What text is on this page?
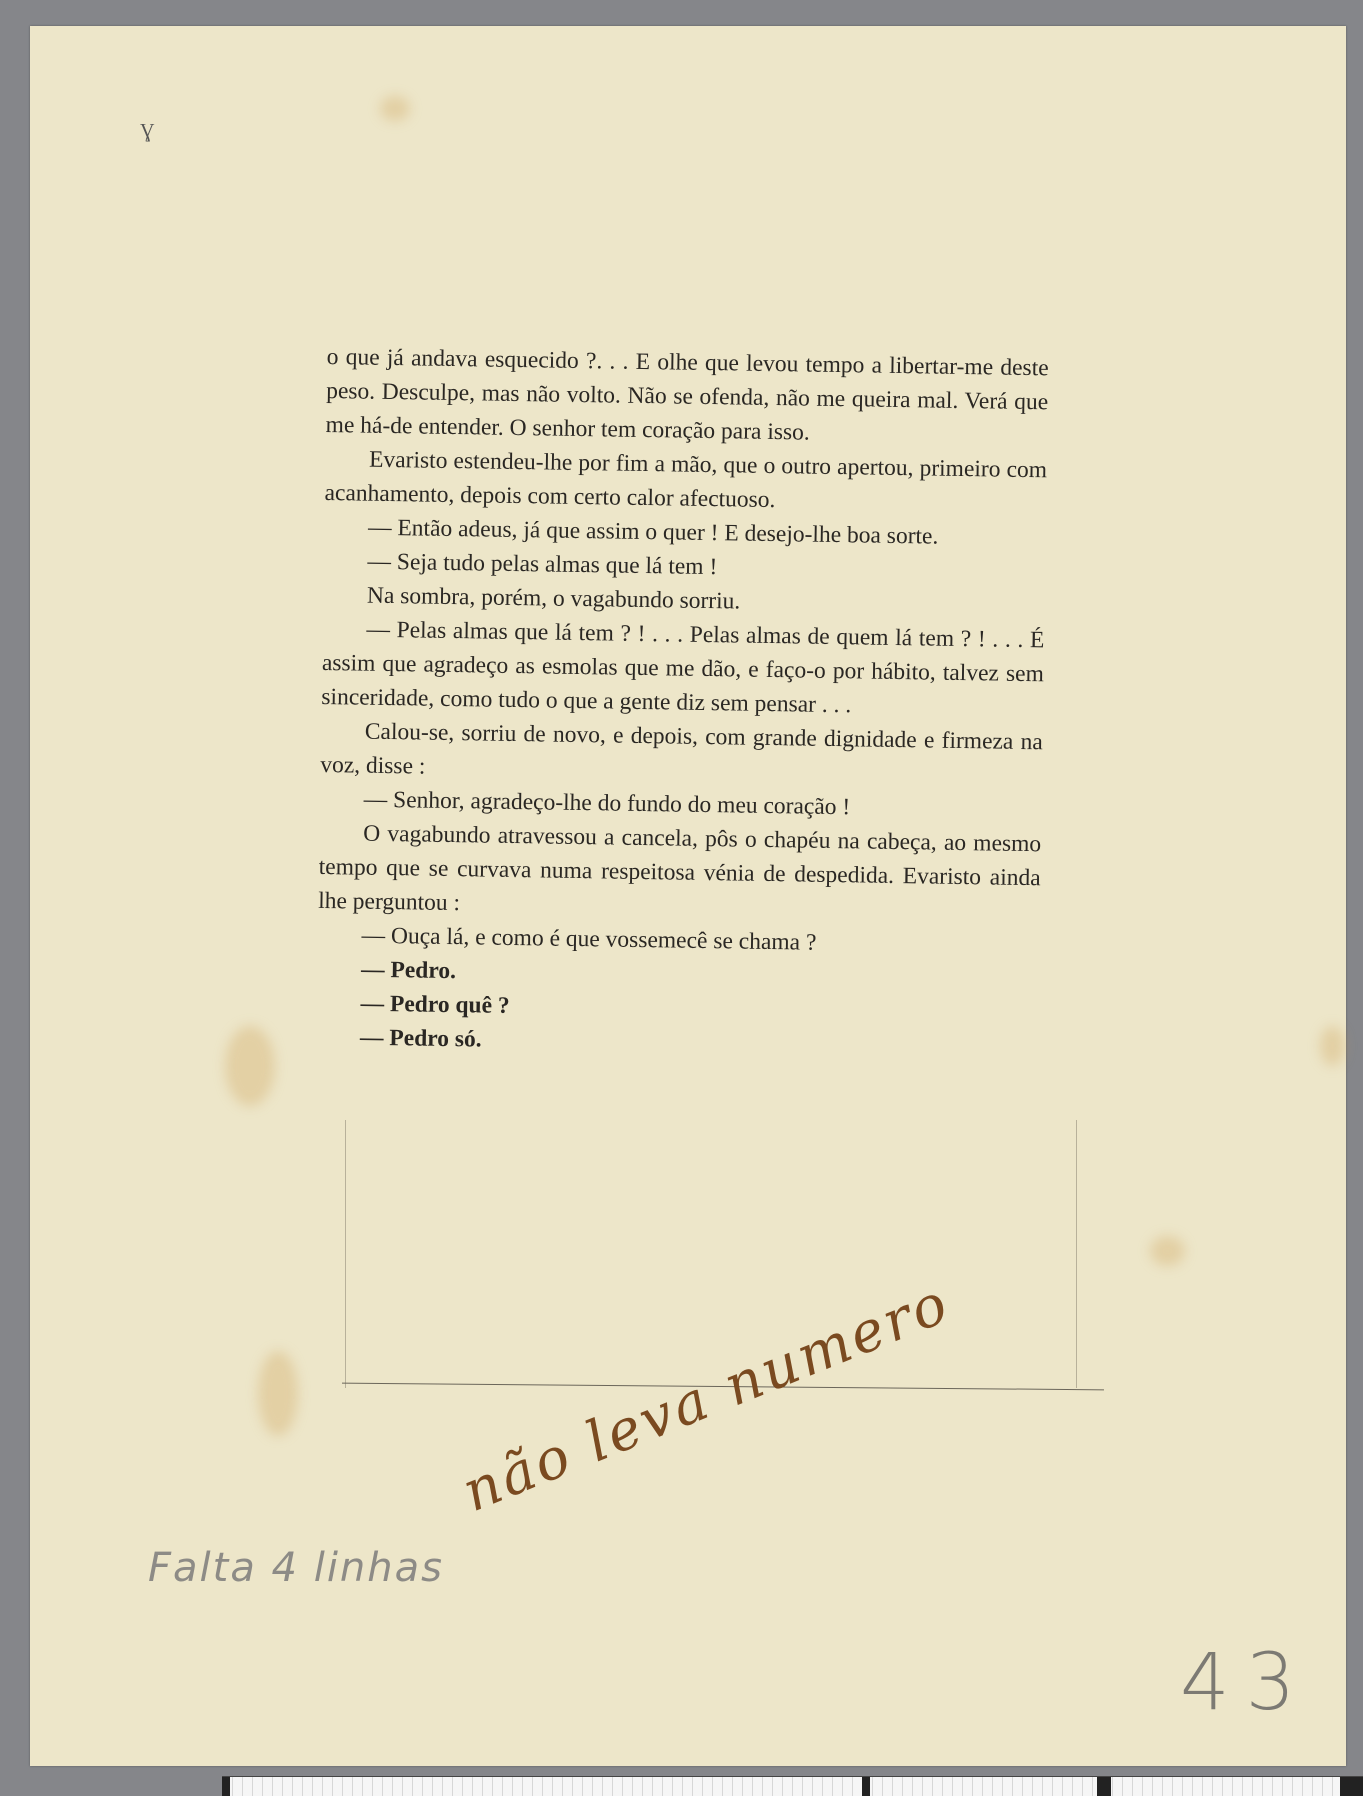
Ɣ

o que já andava esquecido ?. . . E olhe que levou tempo a libertar-me deste peso. Desculpe, mas não volto. Não se ofenda, não me queira mal. Verá que me há-de entender. O senhor tem coração para isso.

Evaristo estendeu-lhe por fim a mão, que o outro apertou, primeiro com acanhamento, depois com certo calor afectuoso.

— Então adeus, já que assim o quer ! E desejo-lhe boa sorte.

— Seja tudo pelas almas que lá tem !

Na sombra, porém, o vagabundo sorriu.

— Pelas almas que lá tem ? ! . . . Pelas almas de quem lá tem ? ! . . . É assim que agradeço as esmolas que me dão, e faço-o por hábito, talvez sem sinceridade, como tudo o que a gente diz sem pensar . . .

Calou-se, sorriu de novo, e depois, com grande dignidade e firmeza na voz, disse :

— Senhor, agradeço-lhe do fundo do meu coração !

O vagabundo atravessou a cancela, pôs o chapéu na cabeça, ao mesmo tempo que se curvava numa respeitosa vénia de despedida. Evaristo ainda lhe perguntou :

— Ouça lá, e como é que vossemecê se chama ?

— Pedro.

— Pedro quê ?

— Pedro só.

não leva numero
Falta 4 linhas
43
